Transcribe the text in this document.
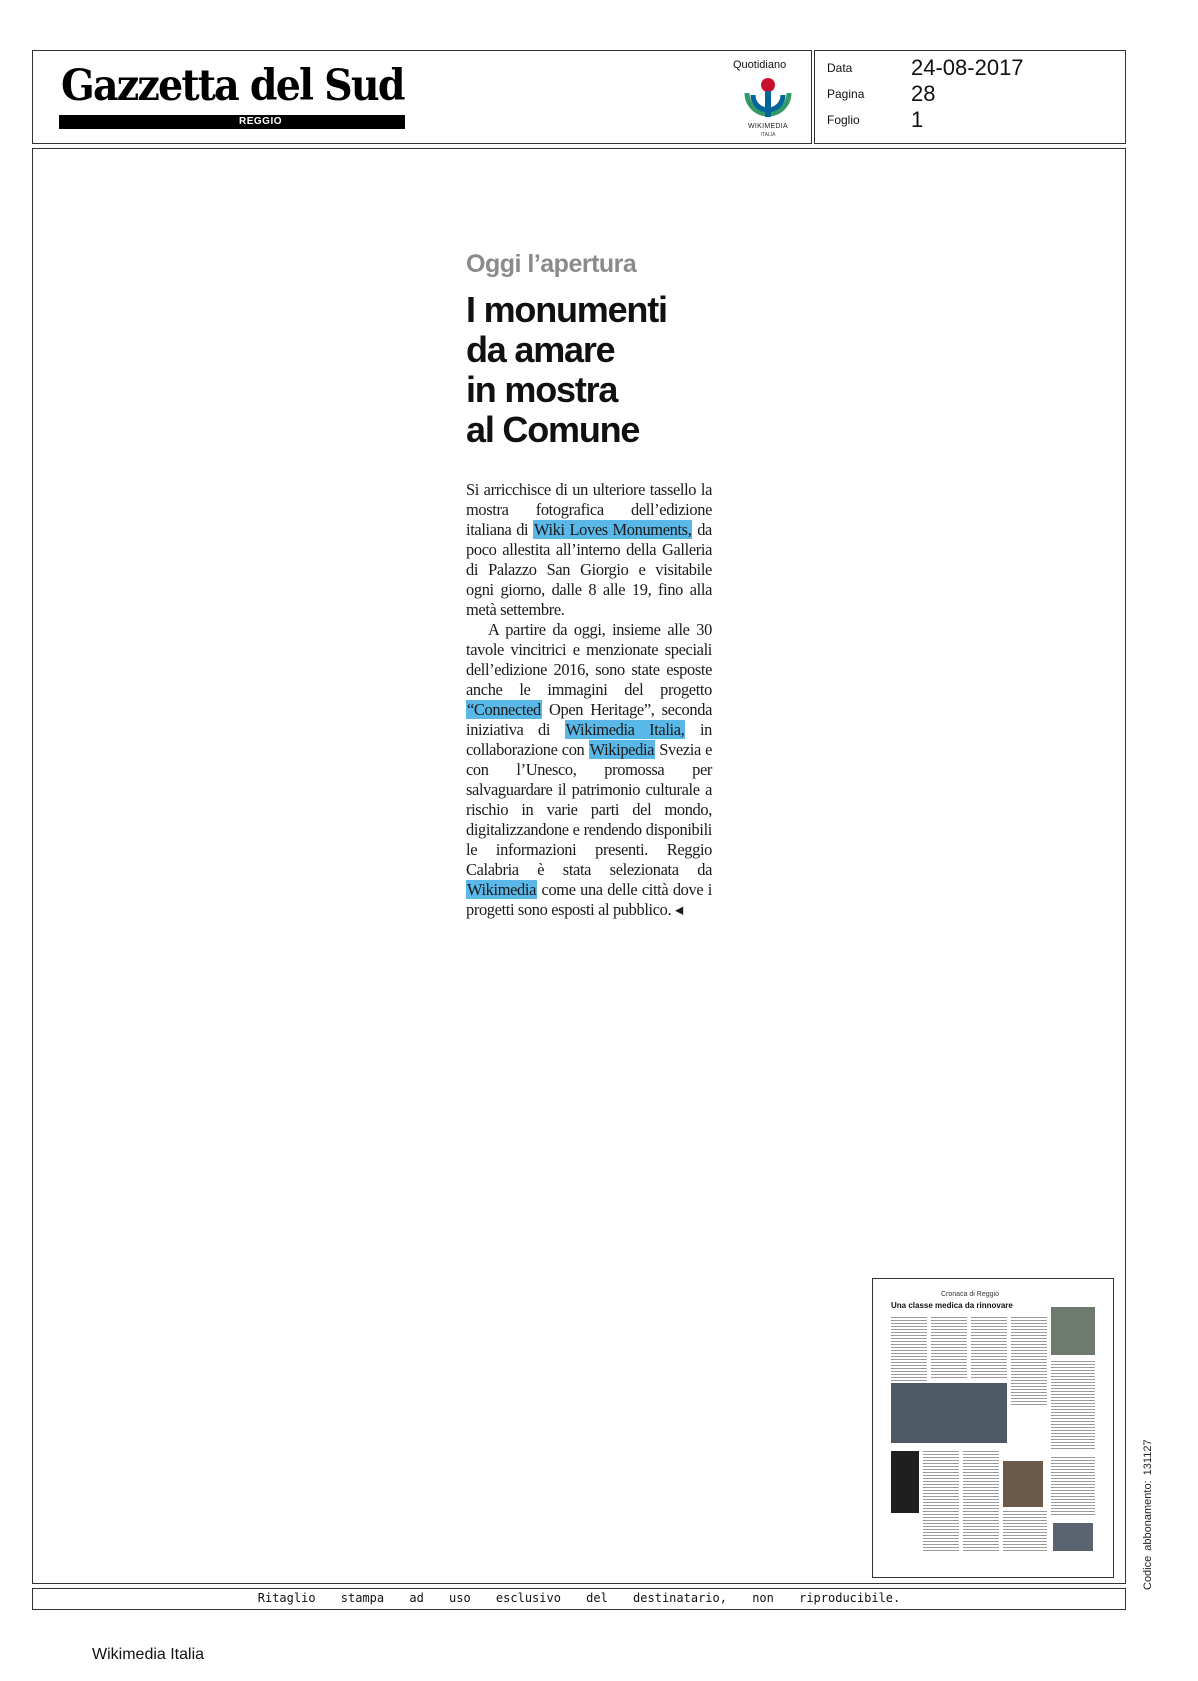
Gazzetta del Sud
REGGIO
Quotidiano
WIKIMEDIA
ITALIA
Data	24-08-2017
Pagina 28
Foglio 1
Oggi l’apertura
I monumenti
da amare
in mostra
al Comune

Si arricchisce di un ulteriore tassello la mostra fotografica dell’edizione italiana di Wiki Loves Monuments, da poco allestita all’interno della Galleria di Palazzo San Giorgio e visitabile ogni giorno, dalle 8 alle 19, fino alla metà settembre.

A partire da oggi, insieme alle 30 tavole vincitrici e menzionate speciali dell’edizione 2016, sono state esposte anche le immagini del progetto “Connected Open Heritage”, seconda iniziativa di Wikimedia Italia, in collaborazione con Wikipedia Svezia e con l’Unesco, promossa per salvaguardare il patrimonio culturale a rischio in varie parti del mondo, digitalizzandone e rendendo disponibili le informazioni presenti. Reggio Calabria è stata selezionata da Wikimedia come una delle città dove i progetti sono esposti al pubblico. ◂

Cronaca di Reggio
Una classe medica da rinnovare
Codice abbonamento: 131127
Ritaglio stampa ad uso esclusivo del destinatario, non riproducibile.
Wikimedia Italia
